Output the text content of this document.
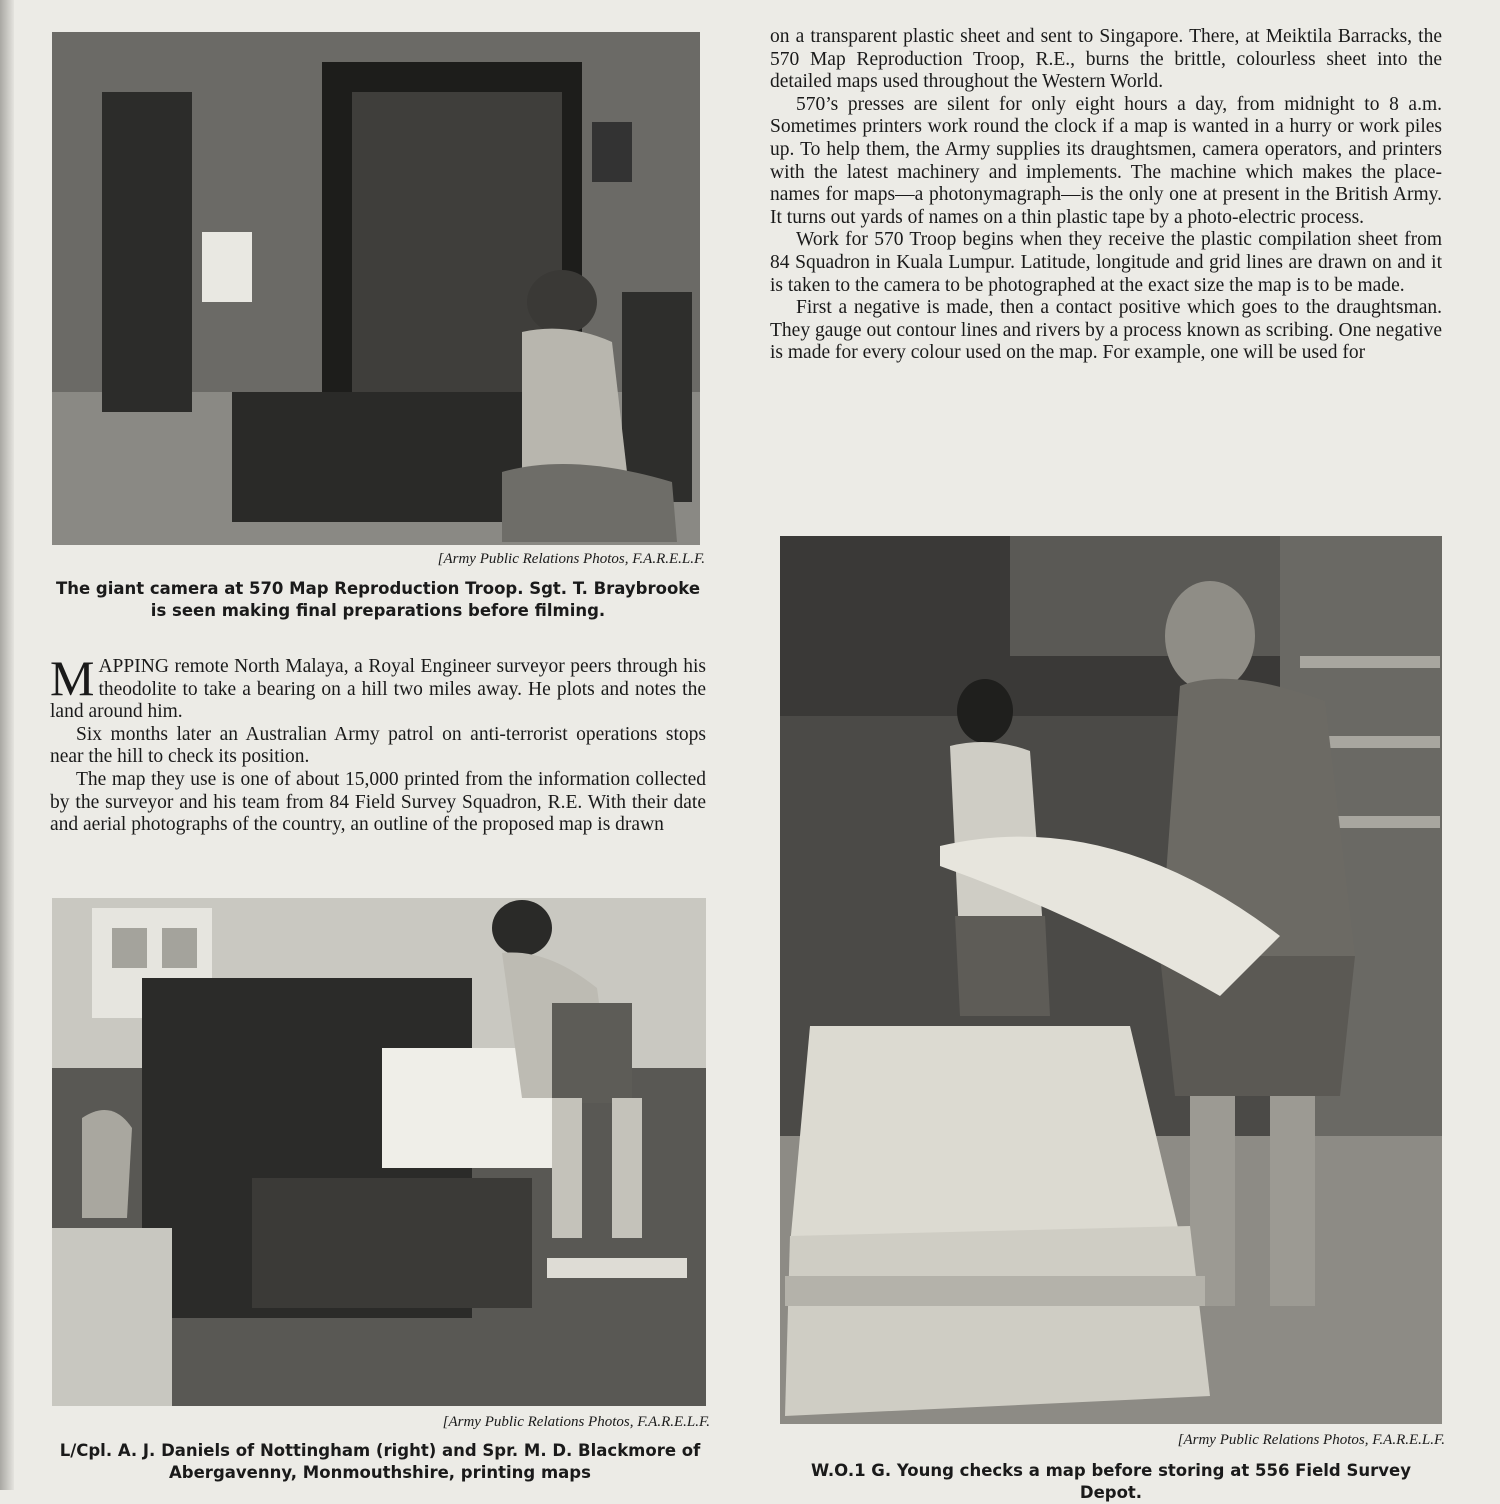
[Army Public Relations Photos, F.A.R.E.L.F.
The giant camera at 570 Map Reproduction Troop. Sgt. T. Braybrooke is seen making final preparations before filming.

MAPPING remote North Malaya, a Royal Engineer surveyor peers through his theodolite to take a bearing on a hill two miles away. He plots and notes the land around him.

Six months later an Australian Army patrol on anti-terrorist operations stops near the hill to check its position.

The map they use is one of about 15,000 printed from the information collected by the surveyor and his team from 84 Field Survey Squadron, R.E. With their date and aerial photographs of the country, an outline of the proposed map is drawn

[Army Public Relations Photos, F.A.R.E.L.F.
L/Cpl. A. J. Daniels of Nottingham (right) and Spr. M. D. Blackmore of Abergavenny, Monmouthshire, printing maps

on a transparent plastic sheet and sent to Singapore. There, at Meiktila Barracks, the 570 Map Reproduction Troop, R.E., burns the brittle, colourless sheet into the detailed maps used throughout the Western World.

570’s presses are silent for only eight hours a day, from midnight to 8 a.m. Sometimes printers work round the clock if a map is wanted in a hurry or work piles up. To help them, the Army supplies its draughtsmen, camera operators, and printers with the latest machinery and implements. The machine which makes the place-names for maps—a photonymagraph—is the only one at present in the British Army. It turns out yards of names on a thin plastic tape by a photo-electric process.

Work for 570 Troop begins when they receive the plastic compilation sheet from 84 Squadron in Kuala Lumpur. Latitude, longitude and grid lines are drawn on and it is taken to the camera to be photographed at the exact size the map is to be made.

First a negative is made, then a contact positive which goes to the draughtsman. They gauge out contour lines and rivers by a process known as scribing. One negative is made for every colour used on the map. For example, one will be used for

[Army Public Relations Photos, F.A.R.E.L.F.
W.O.1 G. Young checks a map before storing at 556 Field Survey Depot.
